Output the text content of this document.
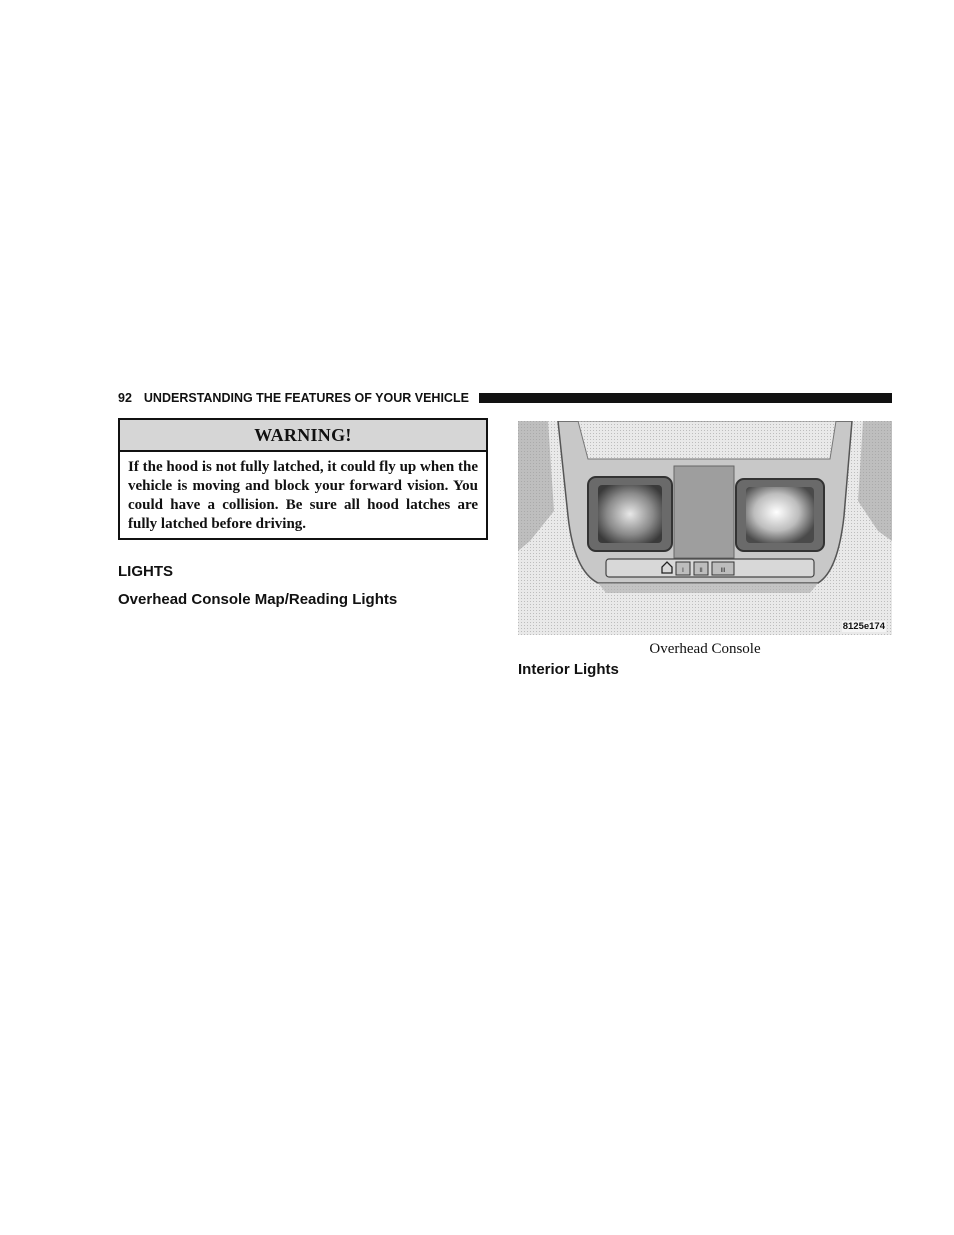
92 UNDERSTANDING THE FEATURES OF YOUR VEHICLE
WARNING!
If the hood is not fully latched, it could fly up when the vehicle is moving and block your forward vision. You could have a collision. Be sure all hood latches are fully latched before driving.
LIGHTS
Overhead Console Map/Reading Lights
I	II	III
8125e174
Overhead Console
Interior Lights
